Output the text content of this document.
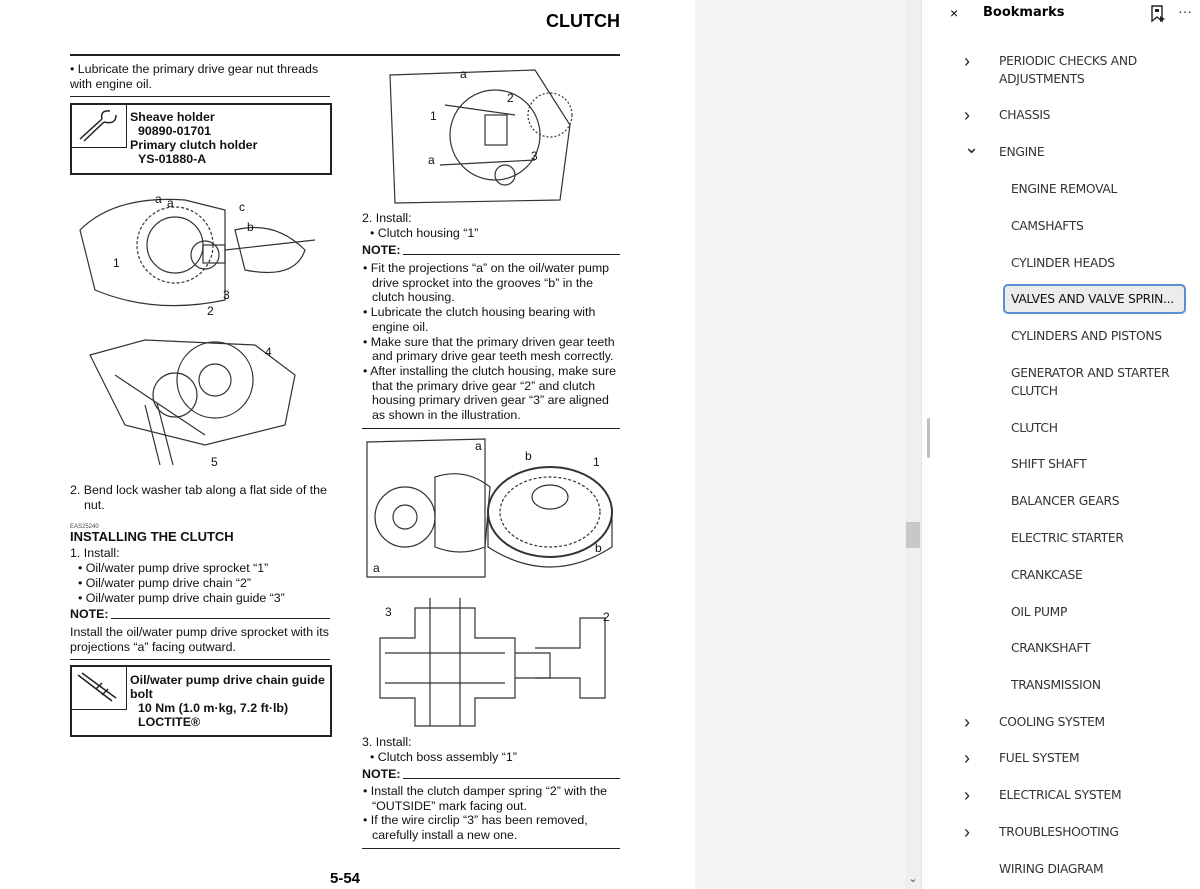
CLUTCH
• Lubricate the primary drive gear nut threads with engine oil.
Sheave holder
90890-01701
Primary clutch holder
YS-01880-A
a a	c
b
1
3
2
4
5
2. Bend lock washer tab along a flat side of the nut.
EAS25240
INSTALLING THE CLUTCH
1. Install:
• Oil/water pump drive sprocket “1”
• Oil/water pump drive chain “2”
• Oil/water pump drive chain guide “3”
NOTE:
Install the oil/water pump drive sprocket with its projections “a” facing outward.
Oil/water pump drive chain guide
bolt
10 Nm (1.0 m·kg, 7.2 ft·lb)
LOCTITE®
a
2
1
a	3
2. Install:
• Clutch housing “1”
NOTE:
• Fit the projections “a” on the oil/water pump drive sprocket into the grooves “b” in the clutch housing.
• Lubricate the clutch housing bearing with engine oil.
• Make sure that the primary driven gear teeth and primary drive gear teeth mesh correctly.
• After installing the clutch housing, make sure that the primary drive gear “2” and clutch housing primary driven gear “3” are aligned as shown in the illustration.
a
b	1
a
b
3	2
3. Install:
• Clutch boss assembly “1”
NOTE:
• Install the clutch damper spring “2” with the “OUTSIDE” mark facing out.
• If the wire circlip “3” has been removed, carefully install a new one.
5-54	⌄
× Bookmarks	···
› PERIODIC CHECKS AND ADJUSTMENTS
› CHASSIS
⌄ ENGINE
ENGINE REMOVAL
CAMSHAFTS
CYLINDER HEADS
VALVES AND VALVE SPRIN...
CYLINDERS AND PISTONS
GENERATOR AND STARTER CLUTCH
CLUTCH
SHIFT SHAFT
BALANCER GEARS
ELECTRIC STARTER
CRANKCASE
OIL PUMP
CRANKSHAFT
TRANSMISSION
› COOLING SYSTEM
› FUEL SYSTEM
› ELECTRICAL SYSTEM
› TROUBLESHOOTING
WIRING DIAGRAM
